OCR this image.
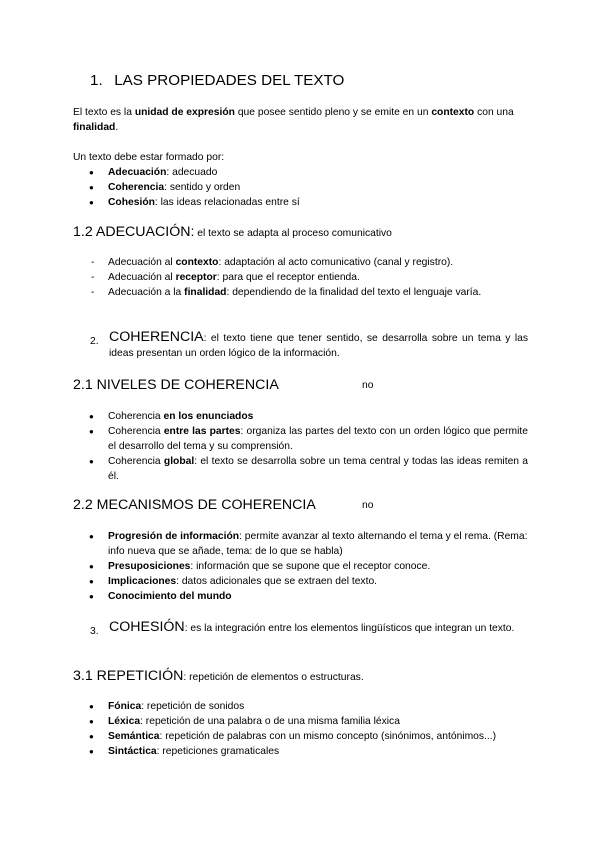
1. LAS PROPIEDADES DEL TEXTO
El texto es la unidad de expresión que posee sentido pleno y se emite en un contexto con una finalidad.
Un texto debe estar formado por:
● Adecuación: adecuado
● Coherencia: sentido y orden
● Cohesión: las ideas relacionadas entre sí
1.2 ADECUACIÓN: el texto se adapta al proceso comunicativo
- Adecuación al contexto: adaptación al acto comunicativo (canal y registro).
- Adecuación al receptor: para que el receptor entienda.
- Adecuación a la finalidad: dependiendo de la finalidad del texto el lenguaje varía.
2. COHERENCIA: el texto tiene que tener sentido, se desarrolla sobre un tema y las ideas presentan un orden lógico de la información.
2.1 NIVELES DE COHERENCIA	no
● Coherencia en los enunciados
● Coherencia entre las partes: organiza las partes del texto con un orden lógico que permite el desarrollo del tema y su comprensión.
● Coherencia global: el texto se desarrolla sobre un tema central y todas las ideas remiten a él.
2.2 MECANISMOS DE COHERENCIA	no
● Progresión de información: permite avanzar al texto alternando el tema y el rema. (Rema: info nueva que se añade, tema: de lo que se habla)
● Presuposiciones: información que se supone que el receptor conoce.
● Implicaciones: datos adicionales que se extraen del texto.
● Conocimiento del mundo
3. COHESIÓN: es la integración entre los elementos lingüísticos que integran un texto.
3.1 REPETICIÓN: repetición de elementos o estructuras.
● Fónica: repetición de sonidos
● Léxica: repetición de una palabra o de una misma familia léxica
● Semántica: repetición de palabras con un mismo concepto (sinónimos, antónimos...)
● Sintáctica: repeticiones gramaticales
